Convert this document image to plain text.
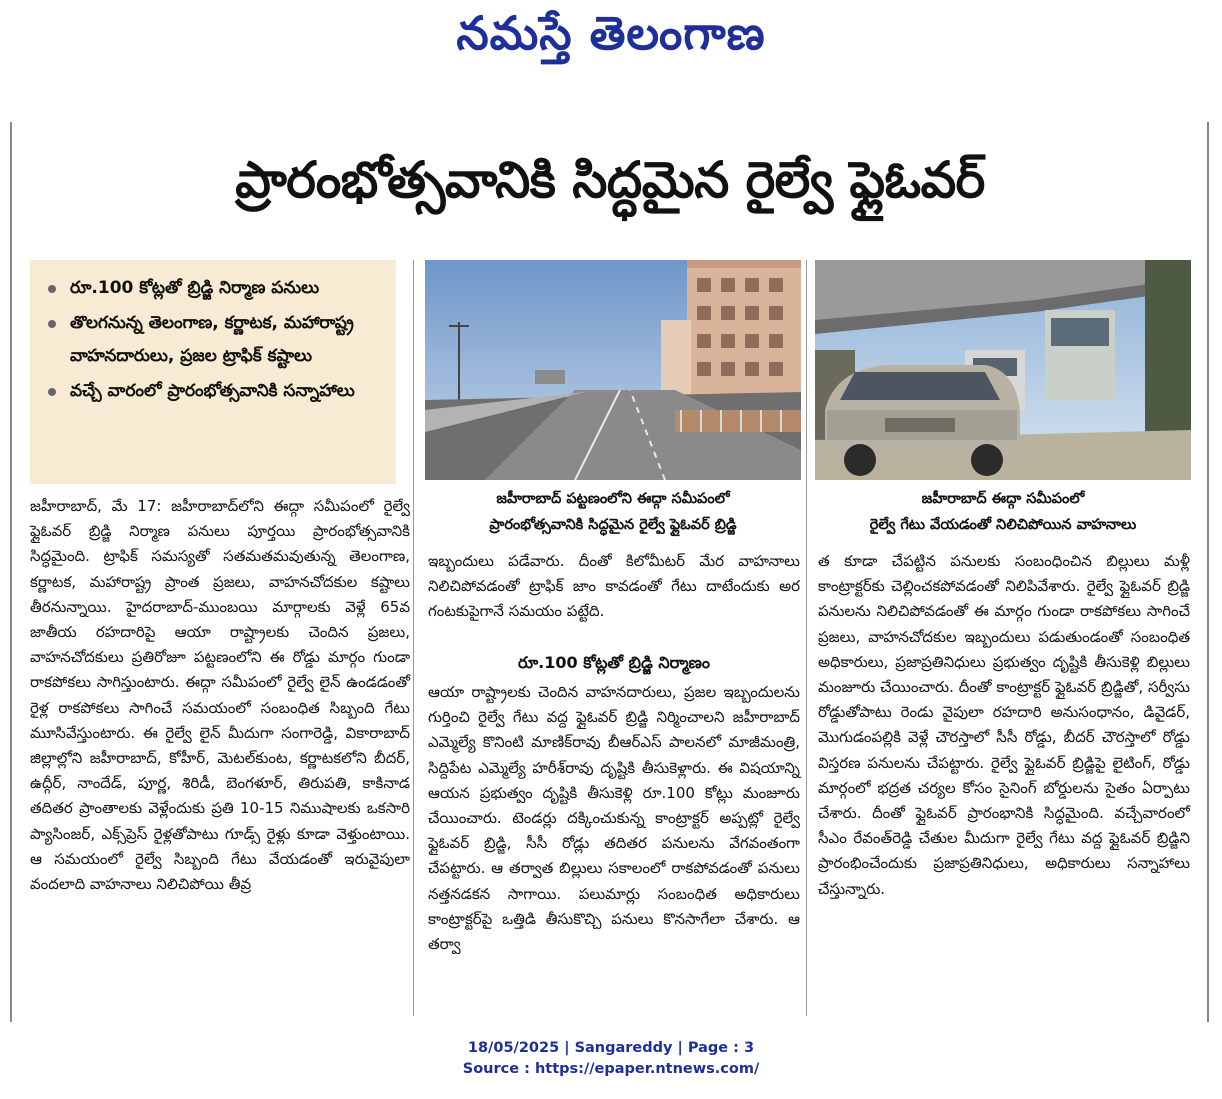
నమస్తే తెలంగాణ
ప్రారంభోత్సవానికి సిద్ధమైన రైల్వే ఫ్లైఓవర్
రూ.100 కోట్లతో బ్రిడ్జి నిర్మాణ పనులు
తొలగనున్న తెలంగాణ, కర్ణాటక, మహారాష్ట్ర వాహనదారులు, ప్రజల ట్రాఫిక్ కష్టాలు
వచ్చే వారంలో ప్రారంభోత్సవానికి సన్నాహాలు
జహీరాబాద్ పట్టణంలోని ఈద్గా సమీపంలో
ప్రారంభోత్సవానికి సిద్ధమైన రైల్వే ఫ్లైఓవర్ బ్రిడ్జి
జహీరాబాద్ ఈద్గా సమీపంలో
రైల్వే గేటు వేయడంతో నిలిచిపోయిన వాహనాలు
జహీరాబాద్, మే 17: జహీరాబాద్‌లోని ఈద్గా సమీపంలో రైల్వే ఫ్లైఓవర్ బ్రిడ్జి నిర్మాణ పనులు పూర్తయి ప్రారంభోత్సవానికి సిద్ధమైంది. ట్రాఫిక్ సమస్యతో సతమతమవుతున్న తెలంగాణ, కర్ణాటక, మహారాష్ట్ర ప్రాంత ప్రజలు, వాహనచోదకుల కష్టాలు తీరనున్నాయి. హైదరాబాద్-ముంబయి మార్గాలకు వెళ్లే 65వ జాతీయ రహదారిపై ఆయా రాష్ట్రాలకు చెందిన ప్రజలు, వాహనచోదకులు ప్రతిరోజూ పట్టణంలోని ఈ రోడ్డు మార్గం గుండా రాకపోకలు సాగిస్తుంటారు. ఈద్గా సమీపంలో రైల్వే లైన్ ఉండడంతో రైళ్ల రాకపోకలు సాగించే సమయంలో సంబంధిత సిబ్బంది గేటు మూసివేస్తుంటారు. ఈ రైల్వే లైన్ మీదుగా సంగారెడ్డి, వికారాబాద్ జిల్లాల్లోని జహీరాబాద్, కోహీర్, మెటల్‌కుంట, కర్ణాటకలోని బీదర్, ఉద్గీర్, నాందేడ్, పూర్ణ, శిరిడీ, బెంగళూర్, తిరుపతి, కాకినాడ తదితర ప్రాంతాలకు వెళ్లేందుకు ప్రతి 10-15 నిముషాలకు ఒకసారి ప్యాసింజర్, ఎక్స్‌ప్రెస్ రైళ్లతోపాటు గూడ్స్ రైళ్లు కూడా వెళ్తుంటాయి. ఆ సమయంలో రైల్వే సిబ్బంది గేటు వేయడంతో ఇరువైపులా వందలాది వాహనాలు నిలిచిపోయి తీవ్ర
ఇబ్బందులు పడేవారు. దీంతో కిలోమీటర్ మేర వాహనాలు నిలిచిపోవడంతో ట్రాఫిక్ జాం కావడంతో గేటు దాటేందుకు అర గంటకుపైగానే సమయం పట్టేది.
రూ.100 కోట్లతో బ్రిడ్జి నిర్మాణం
ఆయా రాష్ట్రాలకు చెందిన వాహనదారులు, ప్రజల ఇబ్బందులను గుర్తించి రైల్వే గేటు వద్ద ఫ్లైఓవర్ బ్రిడ్జి నిర్మించాలని జహీరాబాద్ ఎమ్మెల్యే కొనింటి మాణిక్‌రావు బీఆర్‌ఎస్ పాలనలో మాజీమంత్రి, సిద్దిపేట ఎమ్మెల్యే హరీశ్‌రావు దృష్టికి తీసుకెళ్లారు. ఈ విషయాన్ని ఆయన ప్రభుత్వం దృష్టికి తీసుకెళ్లి రూ.100 కోట్లు మంజూరు చేయించారు. టెండర్లు దక్కించుకున్న కాంట్రాక్టర్ అప్పట్లో రైల్వే ఫ్లైఓవర్ బ్రిడ్జి, సీసీ రోడ్లు తదితర పనులను వేగవంతంగా చేపట్టారు. ఆ తర్వాత బిల్లులు సకాలంలో రాకపోవడంతో పనులు నత్తనడకన సాగాయి. పలుమార్లు సంబంధిత అధికారులు కాంట్రాక్టర్‌పై ఒత్తిడి తీసుకొచ్చి పనులు కొనసాగేలా చేశారు. ఆ తర్వా
త కూడా చేపట్టిన పనులకు సంబంధించిన బిల్లులు మళ్లీ కాంట్రాక్టర్‌కు చెల్లించకపోవడంతో నిలిపివేశారు. రైల్వే ఫ్లైఓవర్ బ్రిడ్జి పనులను నిలిచిపోవడంతో ఈ మార్గం గుండా రాకపోకలు సాగించే ప్రజలు, వాహనచోదకుల ఇబ్బందులు పడుతుండంతో సంబంధిత అధికారులు, ప్రజాప్రతినిధులు ప్రభుత్వం దృష్టికి తీసుకెళ్లి బిల్లులు మంజూరు చేయించారు. దీంతో కాంట్రాక్టర్ ఫ్లైఓవర్ బ్రిడ్జితో, సర్వీసు రోడ్డుతోపాటు రెండు వైపులా రహదారి అనుసంధానం, డివైడర్, మొగుడంపల్లికి వెళ్లే చౌరస్తాలో సీసీ రోడ్డు, బీదర్ చౌరస్తాలో రోడ్డు విస్తరణ పనులను చేపట్టారు. రైల్వే ఫ్లైఓవర్ బ్రిడ్జిపై లైటింగ్, రోడ్డు మార్గంలో భద్రత చర్యల కోసం సైనింగ్ బోర్డులను సైతం ఏర్పాటు చేశారు. దీంతో ఫ్లైఓవర్ ప్రారంభానికి సిద్ధమైంది. వచ్చేవారంలో సీఎం రేవంత్‌రెడ్డి చేతుల మీదుగా రైల్వే గేటు వద్ద ఫ్లైఓవర్ బ్రిడ్జిని ప్రారంభించేందుకు ప్రజాప్రతినిధులు, అధికారులు సన్నాహాలు చేస్తున్నారు.
18/05/2025 | Sangareddy | Page : 3
Source : https://epaper.ntnews.com/
